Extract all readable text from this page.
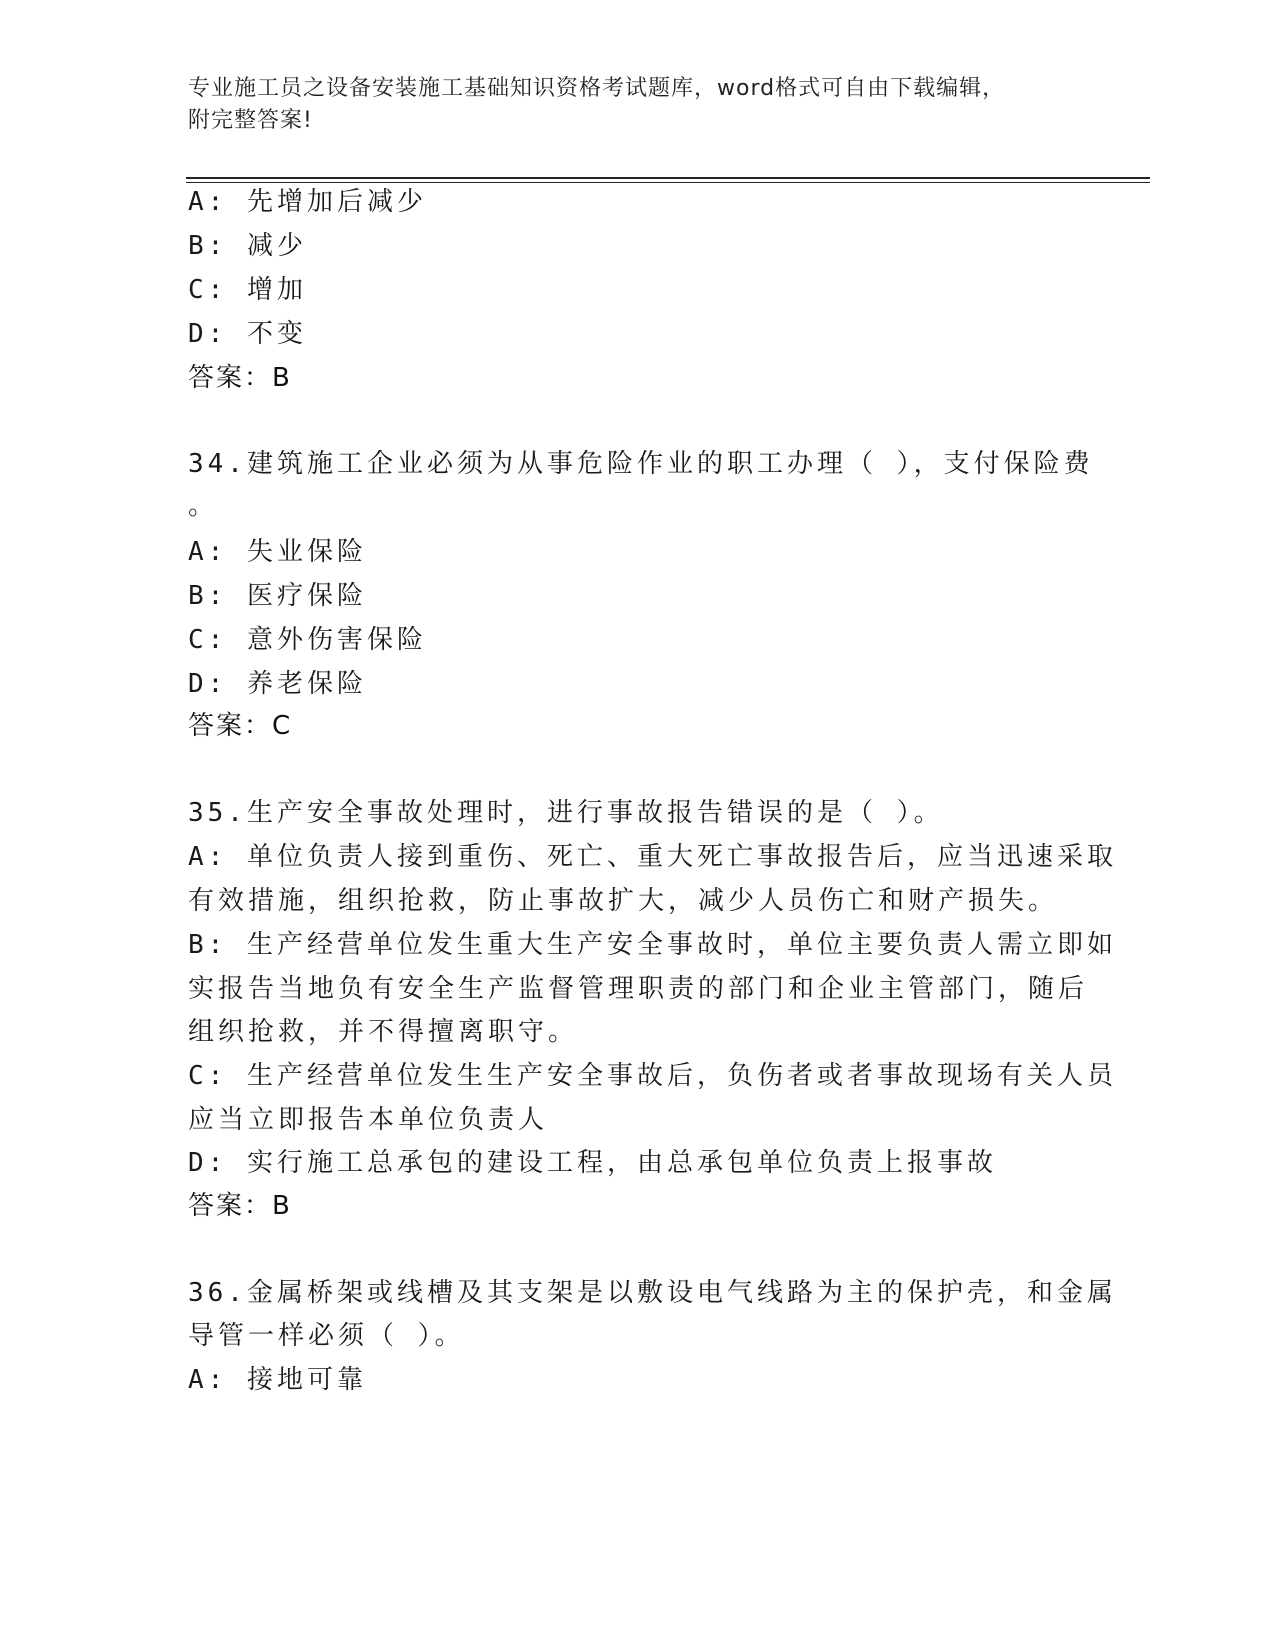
专业施工员之设备安装施工基础知识资格考试题库，word格式可自由下载编辑，
附完整答案!
A: 先增加后减少
B: 减少
C: 增加
D: 不变
答案：B
34.建筑施工企业必须为从事危险作业的职工办理（ ），支付保险费
。
A: 失业保险
B: 医疗保险
C: 意外伤害保险
D: 养老保险
答案：C
35.生产安全事故处理时，进行事故报告错误的是（ ）。
A: 单位负责人接到重伤、死亡、重大死亡事故报告后，应当迅速采取
有效措施，组织抢救，防止事故扩大，减少人员伤亡和财产损失。
B: 生产经营单位发生重大生产安全事故时，单位主要负责人需立即如
实报告当地负有安全生产监督管理职责的部门和企业主管部门，随后
组织抢救，并不得擅离职守。
C: 生产经营单位发生生产安全事故后，负伤者或者事故现场有关人员
应当立即报告本单位负责人
D: 实行施工总承包的建设工程，由总承包单位负责上报事故
答案：B
36.金属桥架或线槽及其支架是以敷设电气线路为主的保护壳，和金属
导管一样必须（ ）。
A: 接地可靠
